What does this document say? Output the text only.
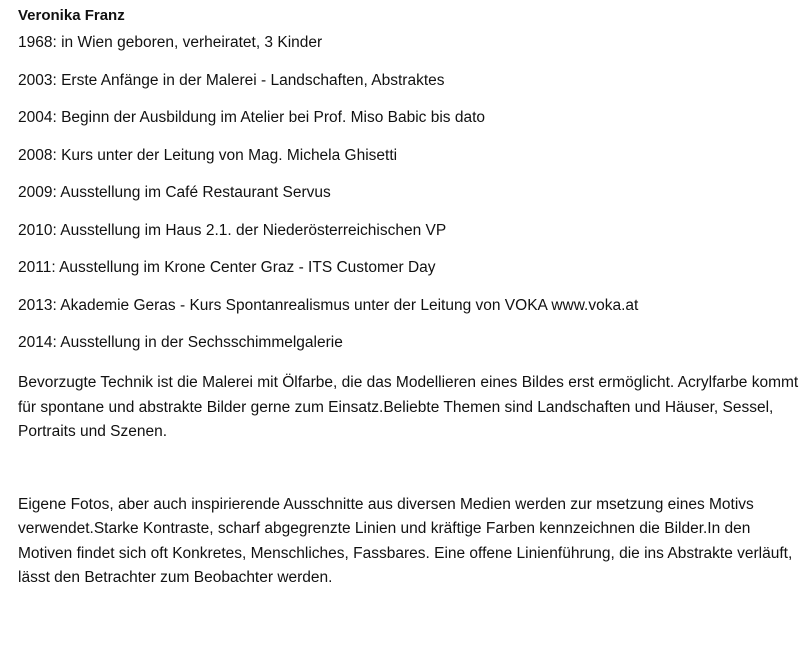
Veronika Franz
1968: in Wien geboren, verheiratet, 3 Kinder
2003: Erste Anfänge in der Malerei - Landschaften, Abstraktes
2004: Beginn der Ausbildung im Atelier bei Prof. Miso Babic bis dato
2008: Kurs unter der Leitung von Mag. Michela Ghisetti
2009: Ausstellung im Café Restaurant Servus
2010: Ausstellung im Haus 2.1. der Niederösterreichischen VP
2011: Ausstellung im Krone Center Graz - ITS Customer Day
2013: Akademie Geras - Kurs Spontanrealismus unter der Leitung von VOKA www.voka.at
2014: Ausstellung in der Sechsschimmelgalerie

Bevorzugte Technik ist die Malerei mit Ölfarbe, die das Modellieren eines Bildes erst ermöglicht. Acrylfarbe kommt für spontane und abstrakte Bilder gerne zum Einsatz.Beliebte Themen sind Landschaften und Häuser, Sessel, Portraits und Szenen.

Eigene Fotos, aber auch inspirierende Ausschnitte aus diversen Medien werden zur msetzung eines Motivs verwendet.Starke Kontraste, scharf abgegrenzte Linien und kräftige Farben kennzeichnen die Bilder.In den Motiven findet sich oft Konkretes, Menschliches, Fassbares. Eine offene Linienführung, die ins Abstrakte verläuft, lässt den Betrachter zum Beobachter werden.
